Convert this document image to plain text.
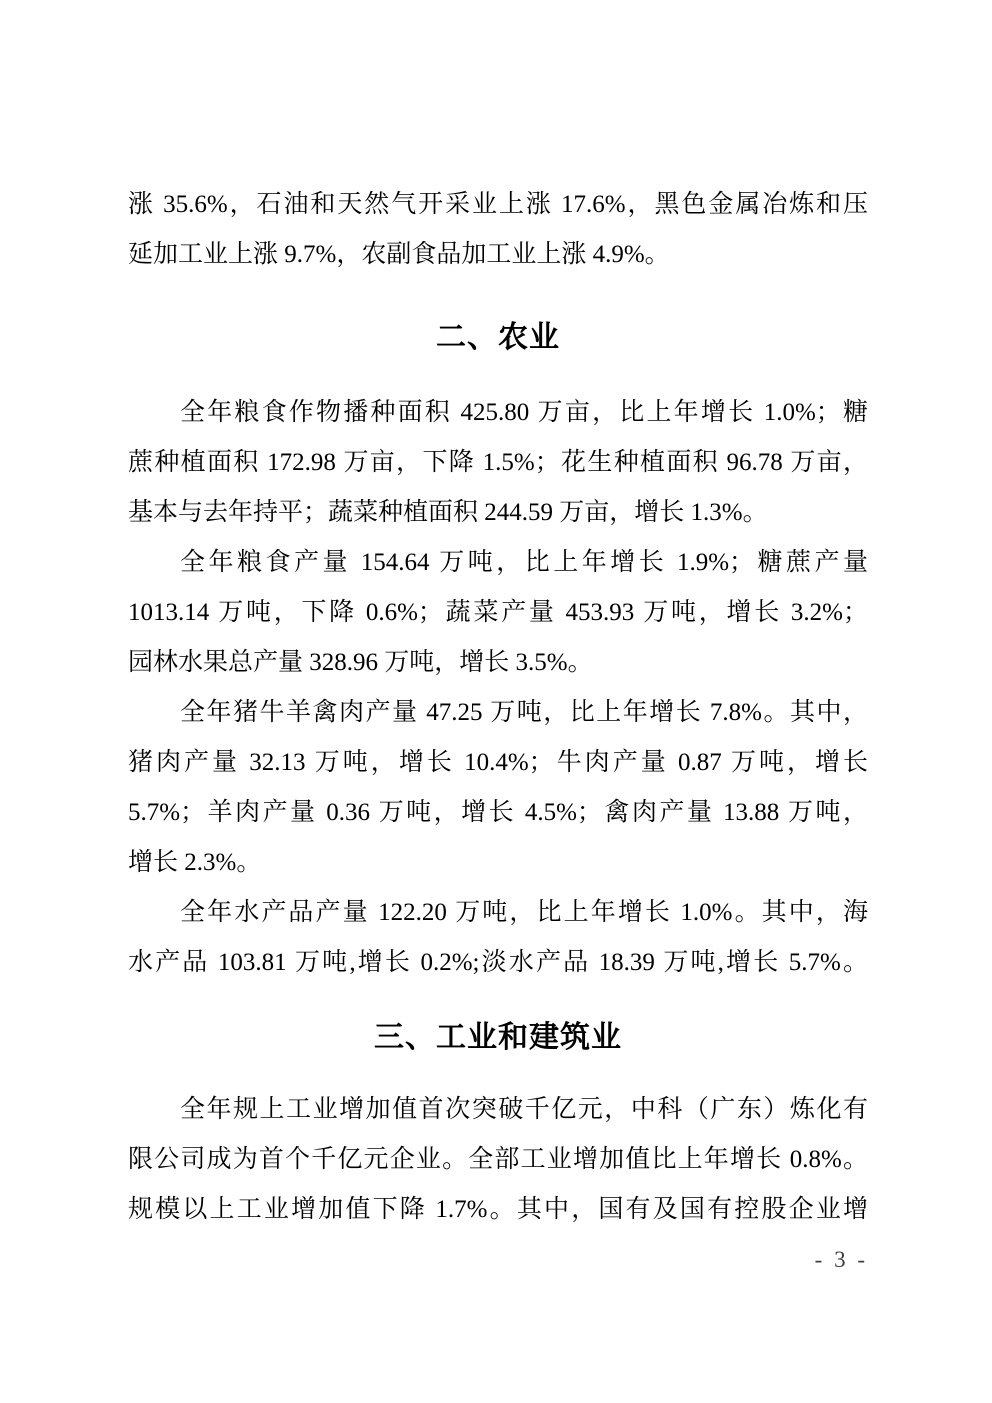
涨 35.6%，石油和天然气开采业上涨 17.6%，黑色金属冶炼和压
延加工业上涨 9.7%，农副食品加工业上涨 4.9%。
二、农业
全年粮食作物播种面积 425.80 万亩，比上年增长 1.0%；糖
蔗种植面积 172.98 万亩，下降 1.5%；花生种植面积 96.78 万亩，
基本与去年持平；蔬菜种植面积 244.59 万亩，增长 1.3%。
全年粮食产量 154.64 万吨，比上年增长 1.9%；糖蔗产量
1013.14 万吨，下降 0.6%；蔬菜产量 453.93 万吨，增长 3.2%；
园林水果总产量 328.96 万吨，增长 3.5%。
全年猪牛羊禽肉产量 47.25 万吨，比上年增长 7.8%。其中，
猪肉产量 32.13 万吨，增长 10.4%；牛肉产量 0.87 万吨，增长
5.7%；羊肉产量 0.36 万吨，增长 4.5%；禽肉产量 13.88 万吨，
增长 2.3%。
全年水产品产量 122.20 万吨，比上年增长 1.0%。其中，海
水产品 103.81 万吨,增长 0.2%;淡水产品 18.39 万吨,增长 5.7%。
三、工业和建筑业
全年规上工业增加值首次突破千亿元，中科（广东）炼化有
限公司成为首个千亿元企业。全部工业增加值比上年增长 0.8%。
规模以上工业增加值下降 1.7%。其中，国有及国有控股企业增
- 3 -
